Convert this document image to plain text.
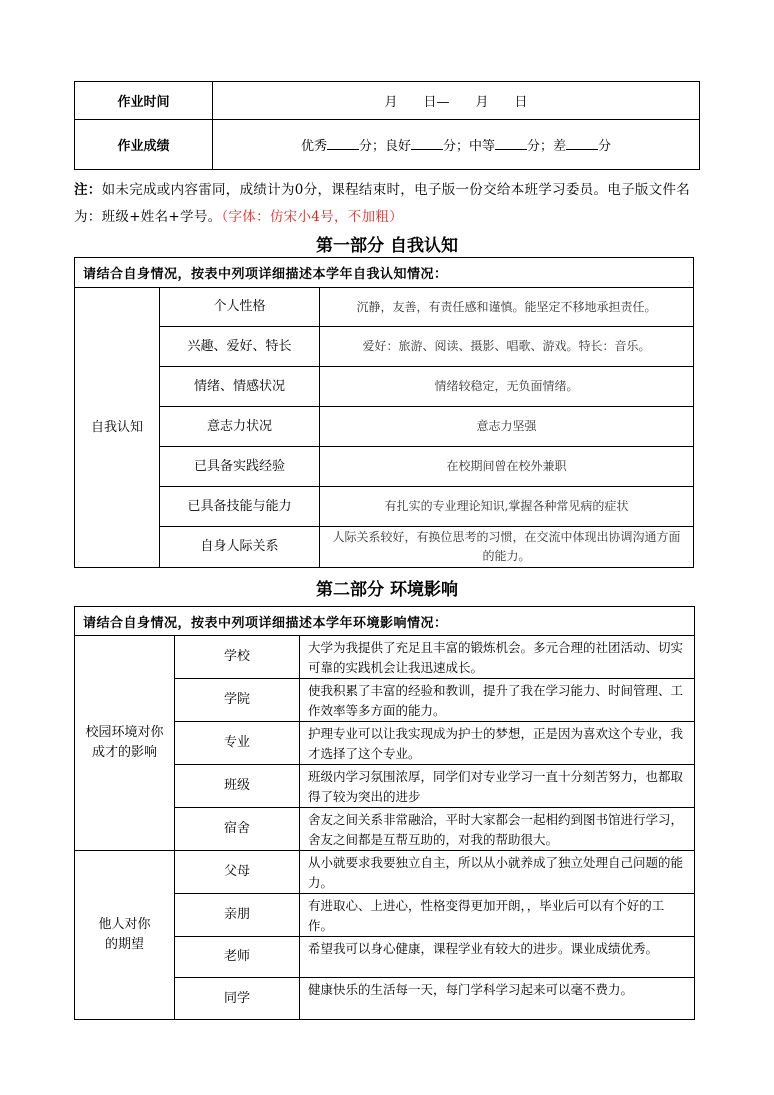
作业时间	月　　日—　　月　　日
作业成绩	优秀 分；良好 分；中等 分；差 分
注：如未完成或内容雷同，成绩计为0分，课程结束时，电子版一份交给本班学习委员。电子版文件名为：班级+姓名+学号。（字体：仿宋小4号，不加粗）
第一部分 自我认知
请结合自身情况，按表中列项详细描述本学年自我认知情况：		
自我认知	个人性格	沉静，友善，有责任感和谨慎。能坚定不移地承担责任。
	兴趣、爱好、特长	爱好：旅游、阅读、摄影、唱歌、游戏。特长：音乐。
	情绪、情感状况	情绪较稳定，无负面情绪。
	意志力状况	意志力坚强
	已具备实践经验	在校期间曾在校外兼职
	已具备技能与能力	有扎实的专业理论知识,掌握各种常见病的症状
	自身人际关系	人际关系较好，有换位思考的习惯，在交流中体现出协调沟通方面的能力。
第二部分 环境影响
请结合自身情况，按表中列项详细描述本学年环境影响情况：		
校园环境对你成才的影响	学校	大学为我提供了充足且丰富的锻炼机会。多元合理的社团活动、切实可靠的实践机会让我迅速成长。
	学院	使我积累了丰富的经验和教训，提升了我在学习能力、时间管理、工作效率等多方面的能力。
	专业	护理专业可以让我实现成为护士的梦想，正是因为喜欢这个专业，我才选择了这个专业。
	班级	班级内学习氛围浓厚，同学们对专业学习一直十分刻苦努力，也都取得了较为突出的进步
	宿舍	舍友之间关系非常融洽，平时大家都会一起相约到图书馆进行学习，舍友之间都是互帮互助的，对我的帮助很大。
他人对你的期望	父母	从小就要求我要独立自主，所以从小就养成了独立处理自己问题的能力。
	亲朋	有进取心、上进心，性格变得更加开朗，，毕业后可以有个好的工作。
	老师	希望我可以身心健康，课程学业有较大的进步。课业成绩优秀。
	同学	健康快乐的生活每一天，每门学科学习起来可以毫不费力。
